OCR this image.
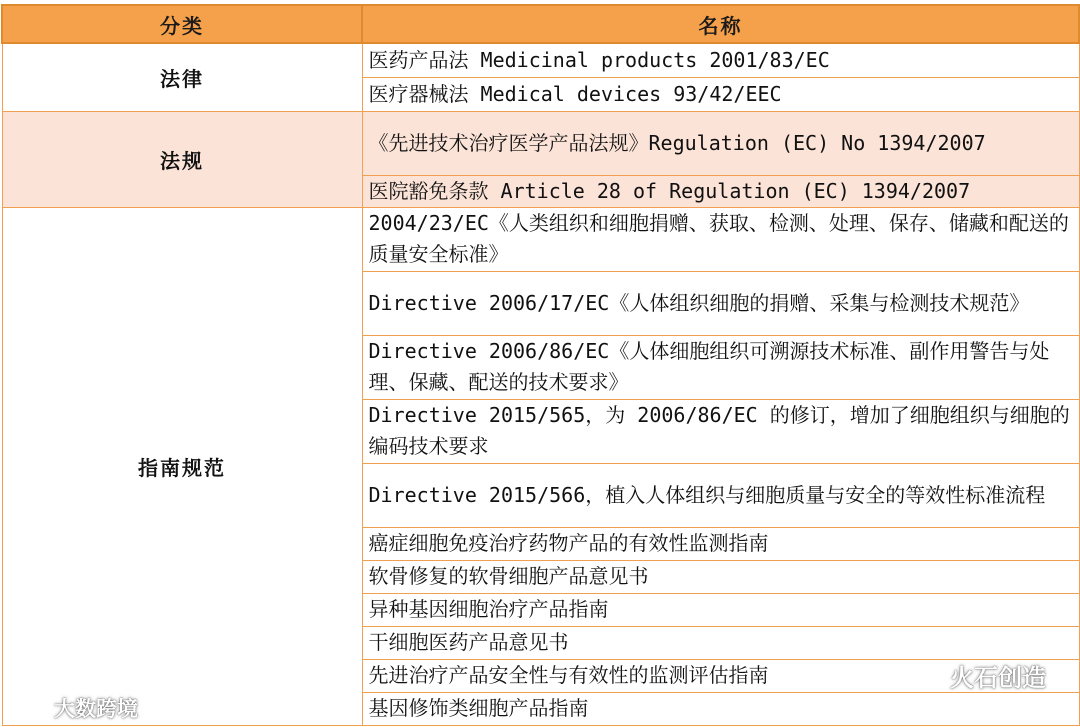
分类	名称
法律	医药产品法 Medicinal products 2001/83/EC
	医疗器械法 Medical devices 93/42/EEC
法规	《先进技术治疗医学产品法规》Regulation (EC) No 1394/2007
	医院豁免条款 Article 28 of Regulation (EC) 1394/2007
指南规范	2004/23/EC《人类组织和细胞捐赠、获取、检测、处理、保存、储藏和配送的质量安全标准》
	Directive 2006/17/EC《人体组织细胞的捐赠、采集与检测技术规范》
	Directive 2006/86/EC《人体细胞组织可溯源技术标准、副作用警告与处理、保藏、配送的技术要求》
	Directive 2015/565，为 2006/86/EC 的修订，增加了细胞组织与细胞的编码技术要求
	Directive 2015/566，植入人体组织与细胞质量与安全的等效性标准流程
	癌症细胞免疫治疗药物产品的有效性监测指南
	软骨修复的软骨细胞产品意见书
	异种基因细胞治疗产品指南
	干细胞医药产品意见书
	先进治疗产品安全性与有效性的监测评估指南
	基因修饰类细胞产品指南
火石创造
大数跨境
